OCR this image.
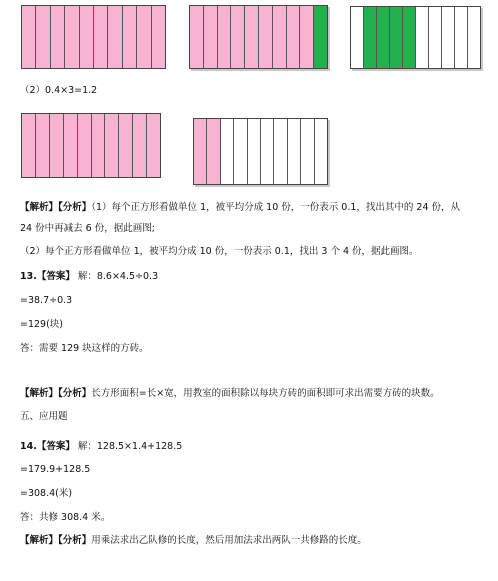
（2）0.4×3=1.2
【解析】【分析】（1）每个正方形看做单位 1，被平均分成 10 份，一份表示 0.1，找出其中的 24 份，从
24 份中再减去 6 份，据此画图;
（2）每个正方形看做单位 1，被平均分成 10 份，一份表示 0.1，找出 3 个 4 份，据此画图。
13.【答案】 解：8.6×4.5÷0.3
=38.7÷0.3
=129(块)
答：需要 129 块这样的方砖。
【解析】【分析】长方形面积=长×宽，用教室的面积除以每块方砖的面积即可求出需要方砖的块数。
五、应用题
14.【答案】 解：128.5×1.4+128.5
=179.9+128.5
=308.4(米)
答：共修 308.4 米。
【解析】【分析】用乘法求出乙队修的长度，然后用加法求出两队一共修路的长度。
